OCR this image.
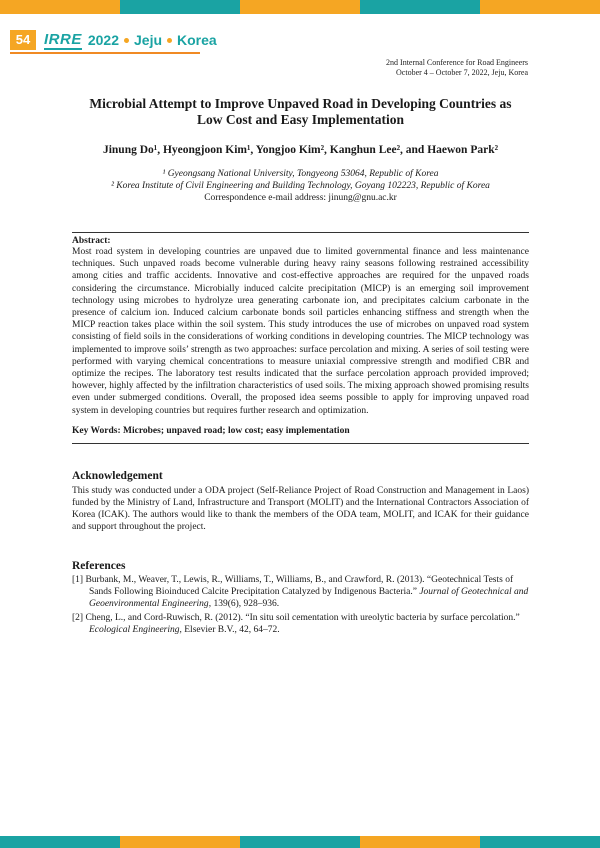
54 IRRE 2022 Jeju Korea
2nd Internal Conference for Road Engineers
October 4 – October 7, 2022, Jeju, Korea
Microbial Attempt to Improve Unpaved Road in Developing Countries as
Low Cost and Easy Implementation
Jinung Do¹, Hyeongjoon Kim¹, Yongjoo Kim², Kanghun Lee², and Haewon Park²
¹ Gyeongsang National University, Tongyeong 53064, Republic of Korea
² Korea Institute of Civil Engineering and Building Technology, Goyang 102223, Republic of Korea
Correspondence e-mail address: jinung@gnu.ac.kr
Abstract:

Most road system in developing countries are unpaved due to limited governmental finance and less maintenance techniques. Such unpaved roads become vulnerable during heavy rainy seasons following restrained accessibility among cities and traffic accidents. Innovative and cost-effective approaches are required for the unpaved roads considering the circumstance. Microbially induced calcite precipitation (MICP) is an emerging soil improvement technology using microbes to hydrolyze urea generating carbonate ion, and precipitates calcium carbonate in the presence of calcium ion. Induced calcium carbonate bonds soil particles enhancing stiffness and strength when the MICP reaction takes place within the soil system. This study introduces the use of microbes on unpaved road system consisting of field soils in the considerations of working conditions in developing countries. The MICP technology was implemented to improve soils’ strength as two approaches: surface percolation and mixing. A series of soil testing were performed with varying chemical concentrations to measure uniaxial compressive strength and modified CBR and optimize the recipes. The laboratory test results indicated that the surface percolation approach provided improved; however, highly affected by the infiltration characteristics of used soils. The mixing approach showed promising results even under submerged conditions. Overall, the proposed idea seems possible to apply for improving unpaved road system in developing countries but requires further research and optimization.

Key Words: Microbes; unpaved road; low cost; easy implementation
Acknowledgement

This study was conducted under a ODA project (Self-Reliance Project of Road Construction and Management in Laos) funded by the Ministry of Land, Infrastructure and Transport (MOLIT) and the International Contractors Association of Korea (ICAK). The authors would like to thank the members of the ODA team, MOLIT, and ICAK for their guidance and support throughout the project.

References
[1] Burbank, M., Weaver, T., Lewis, R., Williams, T., Williams, B., and Crawford, R. (2013). “Geotechnical Tests of Sands Following Bioinduced Calcite Precipitation Catalyzed by Indigenous Bacteria.” Journal of Geotechnical and Geoenvironmental Engineering, 139(6), 928–936.
[2] Cheng, L., and Cord-Ruwisch, R. (2012). “In situ soil cementation with ureolytic bacteria by surface percolation.” Ecological Engineering, Elsevier B.V., 42, 64–72.
